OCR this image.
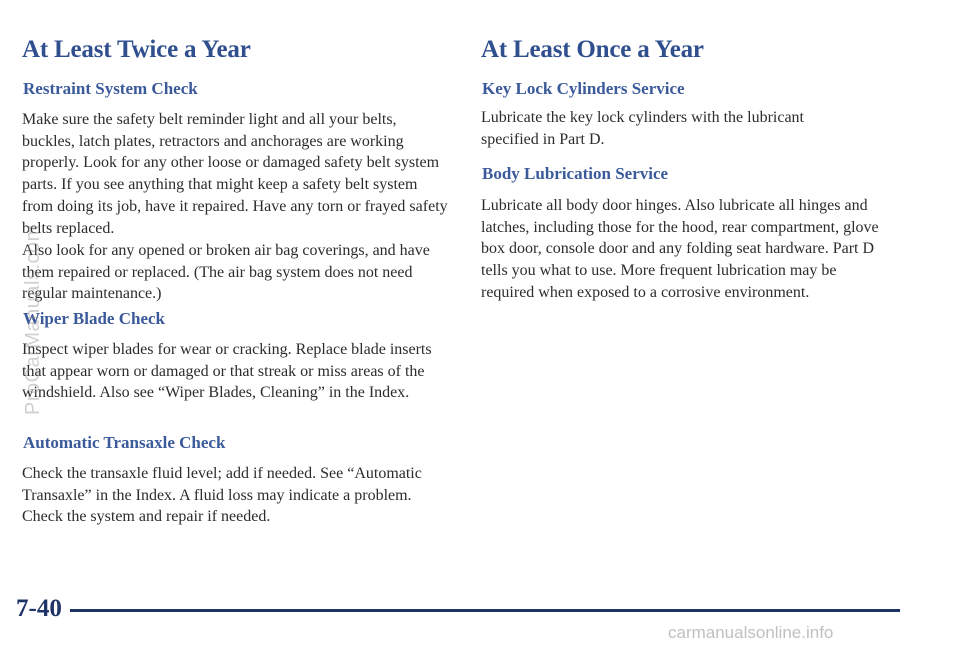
At Least Twice a Year
Restraint System Check

Make sure the safety belt reminder light and all your belts, buckles, latch plates, retractors and anchorages are working properly. Look for any other loose or damaged safety belt system parts. If you see anything that might keep a safety belt system from doing its job, have it repaired. Have any torn or frayed safety belts replaced.

Also look for any opened or broken air bag coverings, and have them repaired or replaced. (The air bag system does not need regular maintenance.)

Wiper Blade Check

Inspect wiper blades for wear or cracking. Replace blade inserts that appear worn or damaged or that streak or miss areas of the windshield. Also see “Wiper Blades, Cleaning” in the Index.

Automatic Transaxle Check

Check the transaxle fluid level; add if needed. See “Automatic Transaxle” in the Index. A fluid loss may indicate a problem. Check the system and repair if needed.

At Least Once a Year
Key Lock Cylinders Service

Lubricate the key lock cylinders with the lubricant specified in Part D.

Body Lubrication Service

Lubricate all body door hinges. Also lubricate all hinges and latches, including those for the hood, rear compartment, glove box door, console door and any folding seat hardware. Part D tells you what to use. More frequent lubrication may be required when exposed to a corrosive environment.

ProCarManuals.com

7-40

carmanualsonline.info
